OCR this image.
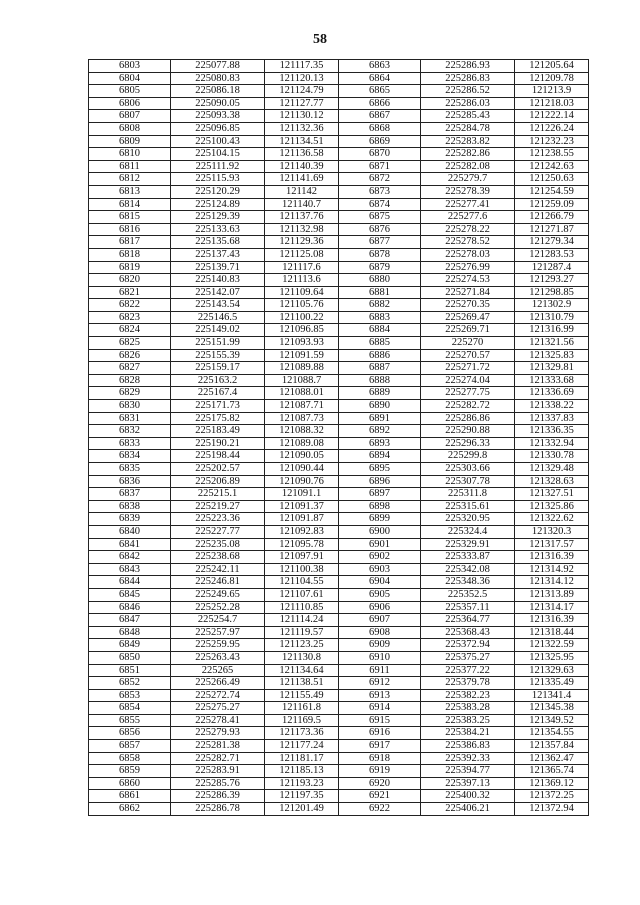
58
6803	225077.88	121117.35	6863	225286.93	121205.64
6804	225080.83	121120.13	6864	225286.83	121209.78
6805	225086.18	121124.79	6865	225286.52	121213.9
6806	225090.05	121127.77	6866	225286.03	121218.03
6807	225093.38	121130.12	6867	225285.43	121222.14
6808	225096.85	121132.36	6868	225284.78	121226.24
6809	225100.43	121134.51	6869	225283.82	121232.23
6810	225104.15	121136.58	6870	225282.86	121238.55
6811	225111.92	121140.39	6871	225282.08	121242.63
6812	225115.93	121141.69	6872	225279.7	121250.63
6813	225120.29	121142	6873	225278.39	121254.59
6814	225124.89	121140.7	6874	225277.41	121259.09
6815	225129.39	121137.76	6875	225277.6	121266.79
6816	225133.63	121132.98	6876	225278.22	121271.87
6817	225135.68	121129.36	6877	225278.52	121279.34
6818	225137.43	121125.08	6878	225278.03	121283.53
6819	225139.71	121117.6	6879	225276.99	121287.4
6820	225140.83	121113.6	6880	225274.53	121293.27
6821	225142.07	121109.64	6881	225271.84	121298.85
6822	225143.54	121105.76	6882	225270.35	121302.9
6823	225146.5	121100.22	6883	225269.47	121310.79
6824	225149.02	121096.85	6884	225269.71	121316.99
6825	225151.99	121093.93	6885	225270	121321.56
6826	225155.39	121091.59	6886	225270.57	121325.83
6827	225159.17	121089.88	6887	225271.72	121329.81
6828	225163.2	121088.7	6888	225274.04	121333.68
6829	225167.4	121088.01	6889	225277.75	121336.69
6830	225171.73	121087.71	6890	225282.72	121338.22
6831	225175.82	121087.73	6891	225286.86	121337.83
6832	225183.49	121088.32	6892	225290.88	121336.35
6833	225190.21	121089.08	6893	225296.33	121332.94
6834	225198.44	121090.05	6894	225299.8	121330.78
6835	225202.57	121090.44	6895	225303.66	121329.48
6836	225206.89	121090.76	6896	225307.78	121328.63
6837	225215.1	121091.1	6897	225311.8	121327.51
6838	225219.27	121091.37	6898	225315.61	121325.86
6839	225223.36	121091.87	6899	225320.95	121322.62
6840	225227.77	121092.83	6900	225324.4	121320.3
6841	225235.08	121095.78	6901	225329.91	121317.57
6842	225238.68	121097.91	6902	225333.87	121316.39
6843	225242.11	121100.38	6903	225342.08	121314.92
6844	225246.81	121104.55	6904	225348.36	121314.12
6845	225249.65	121107.61	6905	225352.5	121313.89
6846	225252.28	121110.85	6906	225357.11	121314.17
6847	225254.7	121114.24	6907	225364.77	121316.39
6848	225257.97	121119.57	6908	225368.43	121318.44
6849	225259.95	121123.25	6909	225372.94	121322.59
6850	225263.43	121130.8	6910	225375.27	121325.95
6851	225265	121134.64	6911	225377.22	121329.63
6852	225266.49	121138.51	6912	225379.78	121335.49
6853	225272.74	121155.49	6913	225382.23	121341.4
6854	225275.27	121161.8	6914	225383.28	121345.38
6855	225278.41	121169.5	6915	225383.25	121349.52
6856	225279.93	121173.36	6916	225384.21	121354.55
6857	225281.38	121177.24	6917	225386.83	121357.84
6858	225282.71	121181.17	6918	225392.33	121362.47
6859	225283.91	121185.13	6919	225394.77	121365.74
6860	225285.76	121193.23	6920	225397.13	121369.12
6861	225286.39	121197.35	6921	225400.32	121372.25
6862	225286.78	121201.49	6922	225406.21	121372.94
